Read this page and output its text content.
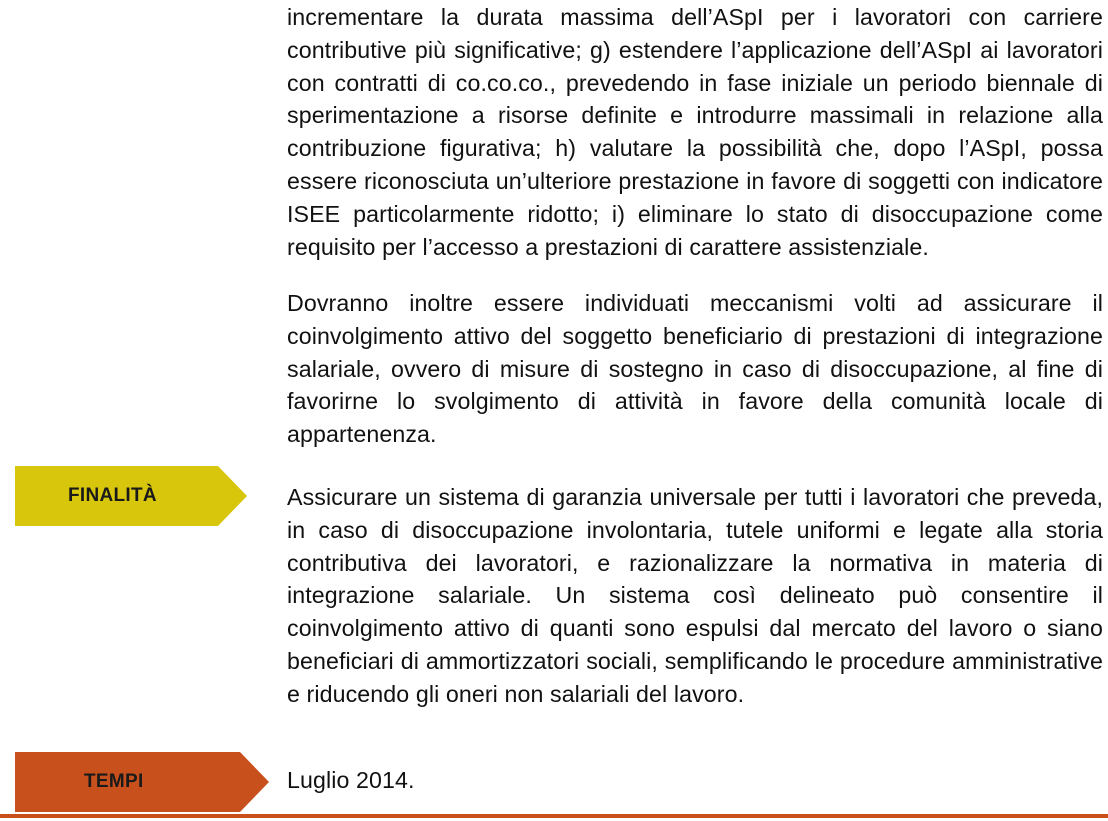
incrementare la durata massima dell’ASpI per i lavoratori con carriere contributive più significative; g) estendere l’applicazione dell’ASpI ai lavoratori con contratti di co.co.co., prevedendo in fase iniziale un periodo biennale di sperimentazione a risorse definite e introdurre massimali in relazione alla contribuzione figurativa; h) valutare la possibilità che, dopo l’ASpI, possa essere riconosciuta un’ulteriore prestazione in favore di soggetti con indicatore ISEE particolarmente ridotto; i) eliminare lo stato di disoccupazione come requisito per l’accesso a prestazioni di carattere assistenziale.

Dovranno inoltre essere individuati meccanismi volti ad assicurare il coinvolgimento attivo del soggetto beneficiario di prestazioni di integrazione salariale, ovvero di misure di sostegno in caso di disoccupazione, al fine di favorirne lo svolgimento di attività in favore della comunità locale di appartenenza.

FINALITÀ	Assicurare un sistema di garanzia universale per tutti i lavoratori che preveda, in caso di disoccupazione involontaria, tutele uniformi e legate alla storia contributiva dei lavoratori, e razionalizzare la normativa in materia di integrazione salariale. Un sistema così delineato può consentire il coinvolgimento attivo di quanti sono espulsi dal mercato del lavoro o siano beneficiari di ammortizzatori sociali, semplificando le procedure amministrative e riducendo gli oneri non salariali del lavoro.

TEMPI	Luglio 2014.
